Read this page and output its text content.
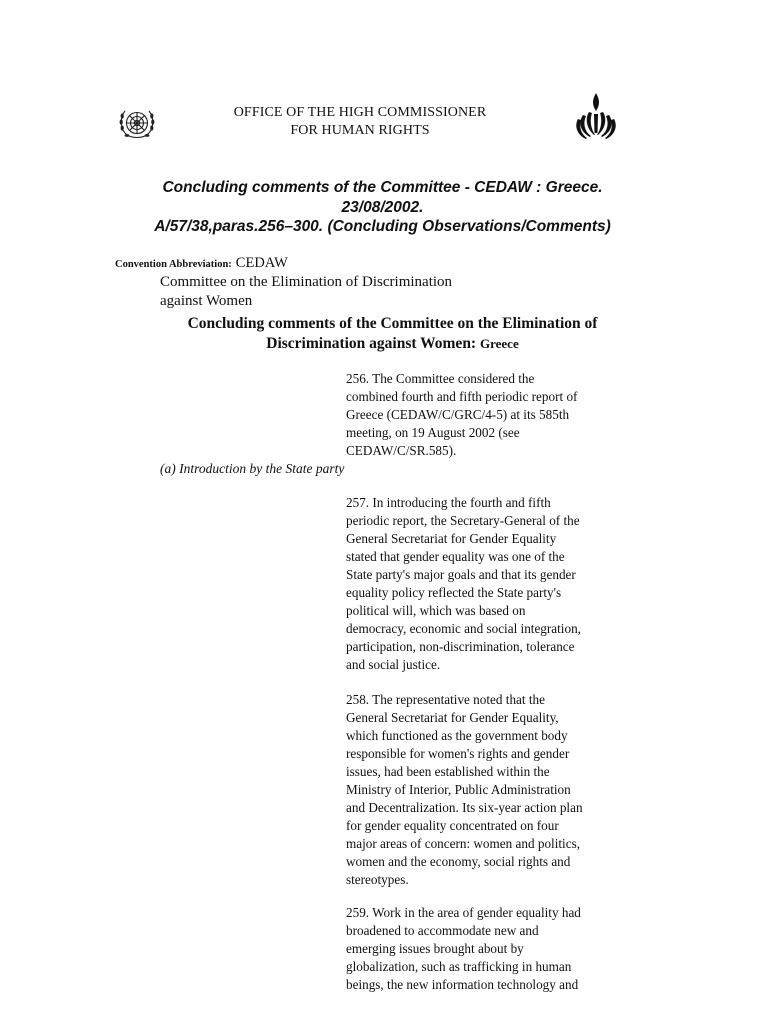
OFFICE OF THE HIGH COMMISSIONER
FOR HUMAN RIGHTS
Concluding comments of the Committee - CEDAW : Greece.
23/08/2002.
A/57/38,paras.256–300. (Concluding Observations/Comments)
Convention Abbreviation: CEDAW
Committee on the Elimination of Discrimination
against Women
Concluding comments of the Committee on the Elimination of
Discrimination against Women: Greece
256. The Committee considered the
combined fourth and fifth periodic report of
Greece (CEDAW/C/GRC/4-5) at its 585th
meeting, on 19 August 2002 (see
CEDAW/C/SR.585).
(a) Introduction by the State party
257. In introducing the fourth and fifth
periodic report, the Secretary-General of the
General Secretariat for Gender Equality
stated that gender equality was one of the
State party's major goals and that its gender
equality policy reflected the State party's
political will, which was based on
democracy, economic and social integration,
participation, non-discrimination, tolerance
and social justice.
258. The representative noted that the
General Secretariat for Gender Equality,
which functioned as the government body
responsible for women's rights and gender
issues, had been established within the
Ministry of Interior, Public Administration
and Decentralization. Its six-year action plan
for gender equality concentrated on four
major areas of concern: women and politics,
women and the economy, social rights and
stereotypes.
259. Work in the area of gender equality had
broadened to accommodate new and
emerging issues brought about by
globalization, such as trafficking in human
beings, the new information technology and
